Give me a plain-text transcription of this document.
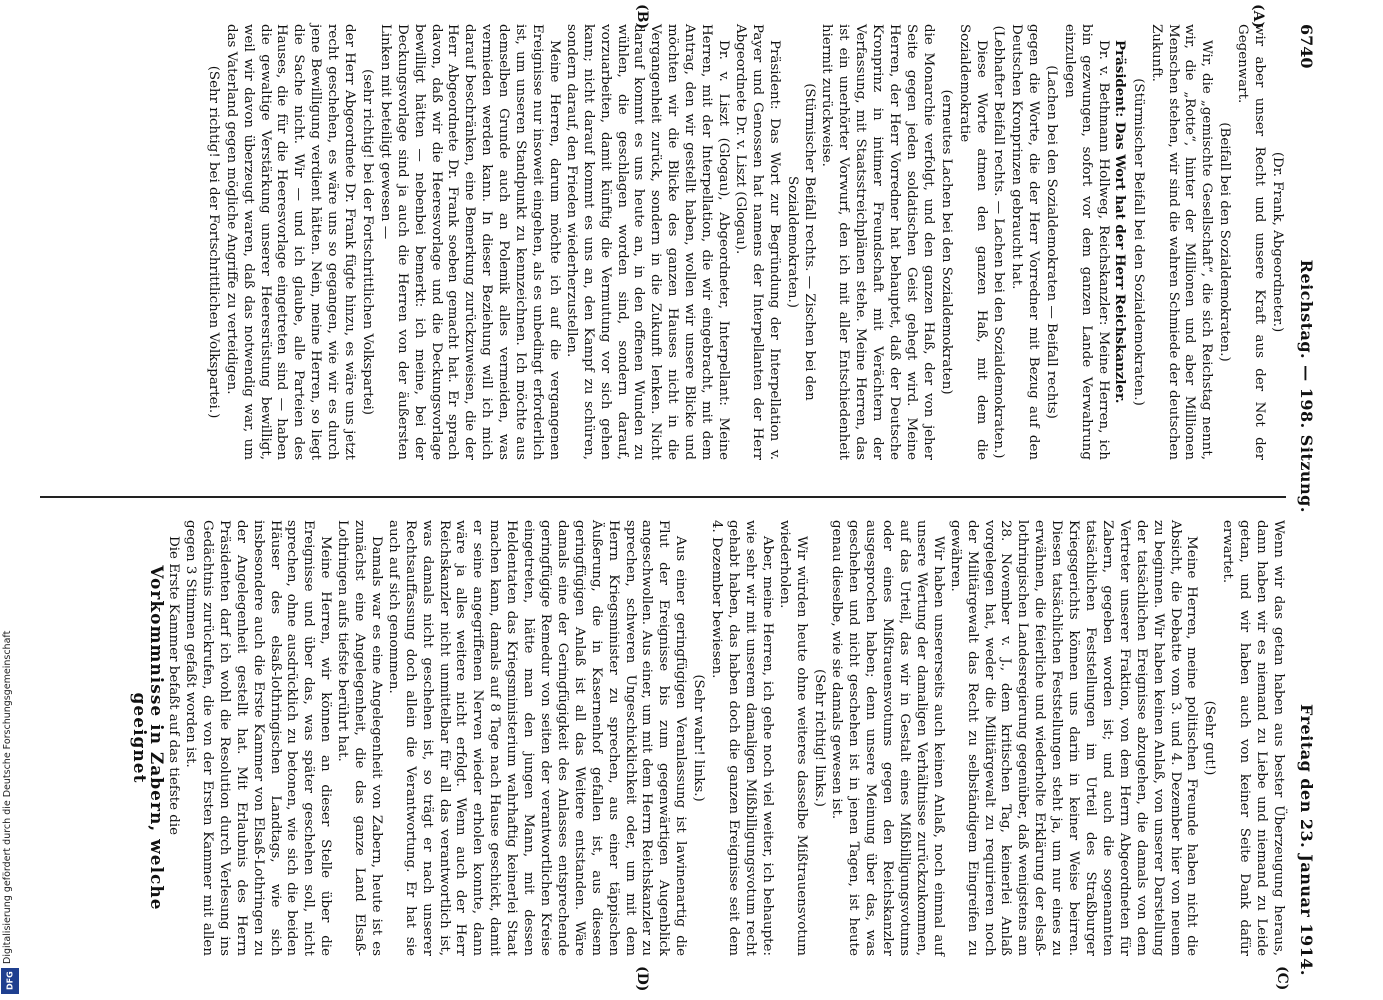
6740
Reichstag. — 198. Sitzung.
Freitag den 23. Januar 1914.
(A)
(B)
(C)
(D)

(Dr. Frank, Abgeordneter.)

wir aber unser Recht und unsere Kraft aus der Not der Gegenwart.

(Beifall bei den Sozialdemokraten.)

Wir, die „gemischte Gesellschaft“, die sich Reichstag nennt, wir, die „Rotte“, hinter der Millionen und aber Millionen Menschen stehen, wir sind die wahren Schmiede der deutschen Zukunft.

(Stürmischer Beifall bei den Sozialdemokraten.)

Präsident: Das Wort hat der Herr Reichskanzler.

Dr. v. Bethmann Hollweg, Reichskanzler: Meine Herren, ich bin gezwungen, sofort vor dem ganzen Lande Verwahrung einzulegen

(Lachen bei den Sozialdemokraten — Beifall rechts)

gegen die Worte, die der Herr Vorredner mit Bezug auf den Deutschen Kronprinzen gebraucht hat.

(Lebhafter Beifall rechts. — Lachen bei den Sozialdemokraten.)

Diese Worte atmen den ganzen Haß, mit dem die Sozialdemokratie

(erneutes Lachen bei den Sozialdemokraten)

die Monarchie verfolgt, und den ganzen Haß, der von jeher Seite gegen jeden soldatischen Geist gehegt wird. Meine Herren, der Herr Vorredner hat behauptet, daß der Deutsche Kronprinz in intimer Freundschaft mit Verächtern der Verfassung, mit Staatsstreichplänen stehe. Meine Herren, das ist ein unerhörter Vorwurf, den ich mit aller Entschiedenheit hiermit zurückweise.

(Stürmischer Beifall rechts. — Zischen bei den Sozialdemokraten.)

Präsident: Das Wort zur Begründung der Interpellation v. Payer und Genossen hat namens der Interpellanten der Herr Abgeordnete Dr. v. Liszt (Glogau).

Dr. v. Liszt (Glogau), Abgeordneter, Interpellant: Meine Herren, mit der Interpellation, die wir eingebracht, mit dem Antrag, den wir gestellt haben, wollen wir unsere Blicke und möchten wir die Blicke des ganzen Hauses nicht in die Vergangenheit zurück, sondern in die Zukunft lenken. Nicht darauf kommt es uns heute an, in den offenen Wunden zu wühlen, die geschlagen worden sind, sondern darauf, vorzuarbeiten, damit künftig die Vermutung vor sich gehen kann; nicht darauf kommt es uns an, den Kampf zu schüren, sondern darauf, den Frieden wiederherzustellen.

Meine Herren, darum möchte ich auf die vergangenen Ereignisse nur insoweit eingehen, als es unbedingt erforderlich ist, um unseren Standpunkt zu kennzeichnen. Ich möchte aus demselben Grunde auch an Polemik alles vermeiden, was vermieden werden kann. In dieser Beziehung will ich mich darauf beschränken, eine Bemerkung zurückzuweisen, die der Herr Abgeordnete Dr. Frank soeben gemacht hat. Er sprach davon, daß wir die Heeresvorlage und die Deckungsvorlage bewilligt hätten — nebenbei bemerkt: ich meine, bei der Deckungsvorlage sind ja auch die Herren von der äußersten Linken mit beteiligt gewesen —

(sehr richtig! bei der Fortschrittlichen Volkspartei)

der Herr Abgeordnete Dr. Frank fügte hinzu, es wäre uns jetzt recht geschehen, es wäre uns so gegangen, wie wir es durch jene Bewilligung verdient hätten. Nein, meine Herren, so liegt die Sache nicht. Wir — und ich glaube, alle Parteien des Hauses, die für die Heeresvorlage eingetreten sind — haben die gewaltige Verstärkung unserer Heeresrüstung bewilligt, weil wir davon überzeugt waren, daß das notwendig war, um das Vaterland gegen mögliche Angriffe zu verteidigen.

(Sehr richtig! bei der Fortschrittlichen Volkspartei.)

Wenn wir das getan haben aus bester Überzeugung heraus, dann haben wir es niemand zu Liebe und niemand zu Leide getan, und wir haben auch von keiner Seite Dank dafür erwartet.

(Sehr gut!)

Meine Herren, meine politischen Freunde haben nicht die Absicht, die Debatte vom 3. und 4. Dezember hier von neuem zu beginnen. Wir haben keinen Anlaß, von unserer Darstellung der tatsächlichen Ereignisse abzugehen, die damals von dem Vertreter unserer Fraktion, von dem Herrn Abgeordneten für Zabern, gegeben worden ist; und auch die sogenannten tatsächlichen Feststellungen im Urteil des Straßburger Kriegsgerichts können uns darin in keiner Weise beirren. Diesen tatsächlichen Feststellungen steht ja, um nur eines zu erwähnen, die feierliche und wiederholte Erklärung der elsaß-lothringischen Landesregierung gegenüber, daß wenigstens am 28. November v. J., dem kritischen Tag, keinerlei Anlaß vorgelegen hat, weder die Militärgewalt zu requirieren noch der Militärgewalt das Recht zu selbständigem Eingreifen zu gewähren.

Wir haben unsererseits auch keinen Anlaß, noch einmal auf unsere Wertung der damaligen Verhältnisse zurückzukommen, auf das Urteil, das wir in Gestalt eines Mißbilligungsvotums oder eines Mißtrauensvotums gegen den Reichskanzler ausgesprochen haben; denn unsere Meinung über das, was geschehen und nicht geschehen ist in jenen Tagen, ist heute genau dieselbe, wie sie damals gewesen ist.

(Sehr richtig! links.)

Wir würden heute ohne weiteres dasselbe Mißtrauensvotum wiederholen.

Aber, meine Herren, ich gehe noch viel weiter, ich behaupte: wie sehr wir mit unserem damaligen Mißbilligungsvotum recht gehabt haben, das haben doch die ganzen Ereignisse seit dem 4. Dezember bewiesen.

(Sehr wahr! links.)

Aus einer geringfügigen Veranlassung ist lawinenartig die Flut der Ereignisse bis zum gegenwärtigen Augenblick angeschwollen. Aus einer, um mit dem Herrn Reichskanzler zu sprechen, schweren Ungeschicklichkeit oder, um mit dem Herrn Kriegsminister zu sprechen, aus einer täppischen Äußerung, die in Kasernenhof gefallen ist, aus diesem geringfügigen Anlaß ist all das Weitere entstanden. Wäre damals eine der Geringfügigkeit des Anlasses entsprechende geringfügige Remedur von seiten der verantwortlichen Kreise eingetreten, hätte man den jungen Mann, mit dessen Heldentaten das Kriegsministerium wahrhaftig keinerlei Staat machen kann, damals auf 8 Tage nach Hause geschickt, damit er seine angegriffenen Nerven wieder erholen konnte, dann wäre ja alles weitere nicht erfolgt. Wenn auch der Herr Reichskanzler nicht unmittelbar für all das verantwortlich ist, was damals nicht geschehen ist, so trägt er nach unserer Rechtsauffassung doch allein die Verantwortung. Er hat sie auch auf sich genommen.

Damals war es eine Angelegenheit von Zabern, heute ist es zunächst eine Angelegenheit, die das ganze Land Elsaß-Lothringen aufs tiefste berührt hat.

Meine Herren, wir können an dieser Stelle über die Ereignisse und über das, was später geschehen soll, nicht sprechen, ohne ausdrücklich zu betonen, wie sich die beiden Häuser des elsaß-lothringischen Landtags, wie sich insbesondere auch die Erste Kammer von Elsaß-Lothringen zu der Angelegenheit gestellt hat. Mit Erlaubnis des Herrn Präsidenten darf ich wohl die Resolution durch Verlesung ins Gedächtnis zurückrufen, die von der Ersten Kammer mit allen gegen 3 Stimmen gefaßt worden ist.

Die Erste Kammer befaßt auf das tiefste die

Vorkommnisse in Zabern, welche geeignet

Digitalisierung gefördert durch die Deutsche Forschungsgemeinschaft
DFG
